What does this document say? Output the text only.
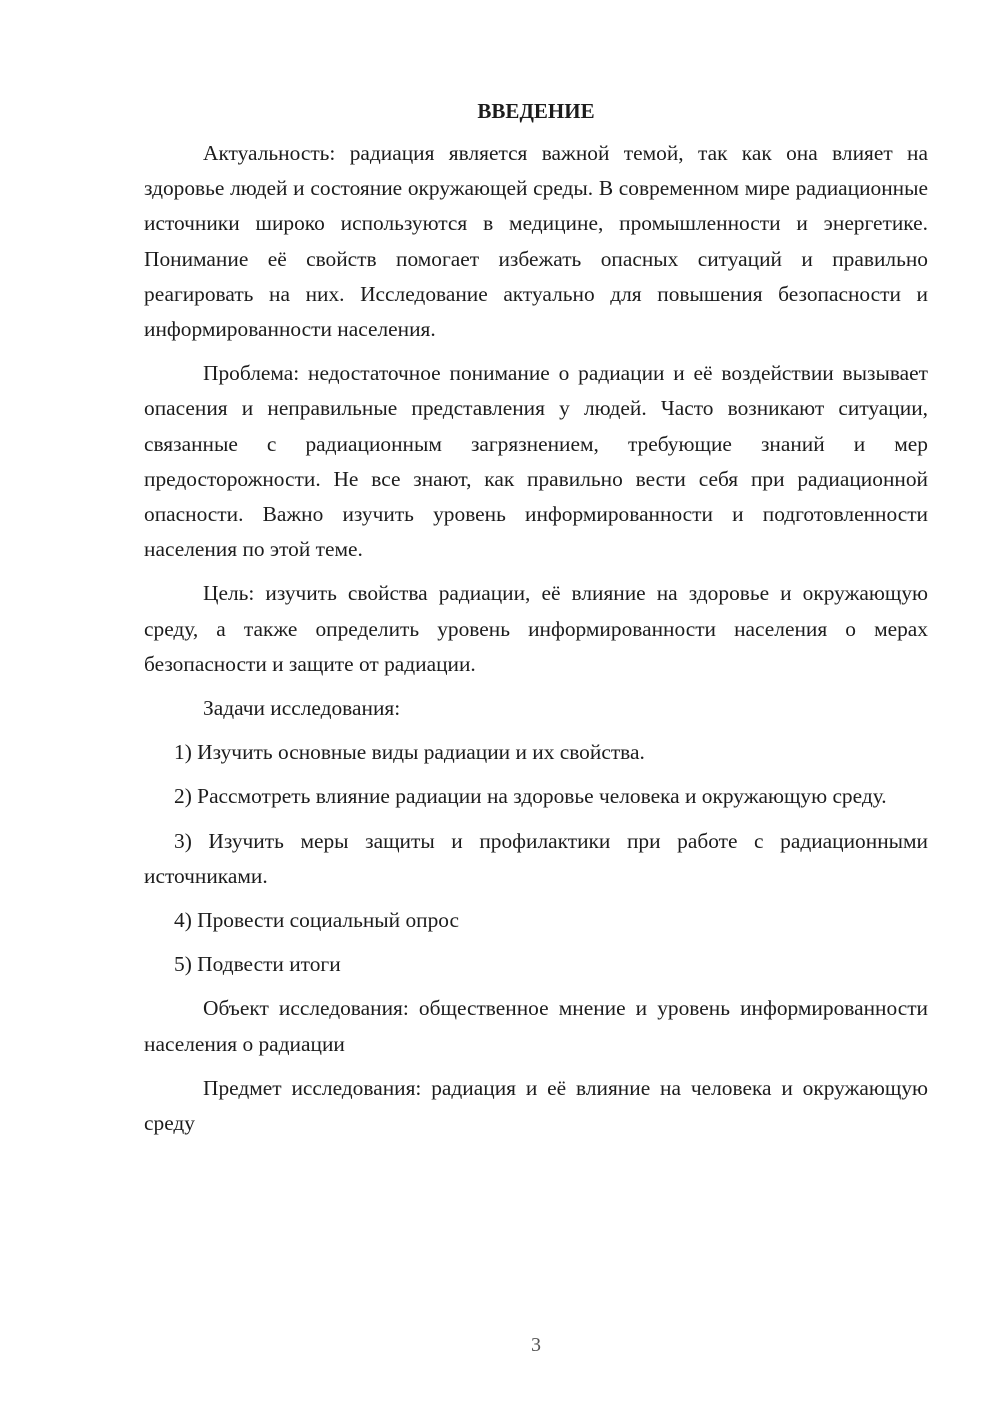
ВВЕДЕНИЕ

Актуальность: радиация является важной темой, так как она влияет на здоровье людей и состояние окружающей среды. В современном мире радиационные источники широко используются в медицине, промышленности и энергетике. Понимание её свойств помогает избежать опасных ситуаций и правильно реагировать на них. Исследование актуально для повышения безопасности и информированности населения.

Проблема: недостаточное понимание о радиации и её воздействии вызывает опасения и неправильные представления у людей. Часто возникают ситуации, связанные с радиационным загрязнением, требующие знаний и мер предосторожности. Не все знают, как правильно вести себя при радиационной опасности. Важно изучить уровень информированности и подготовленности населения по этой теме.

Цель: изучить свойства радиации, её влияние на здоровье и окружающую среду, а также определить уровень информированности населения о мерах безопасности и защите от радиации.

Задачи исследования:

1) Изучить основные виды радиации и их свойства.

2) Рассмотреть влияние радиации на здоровье человека и окружающую среду.

3) Изучить меры защиты и профилактики при работе с радиационными источниками.

4) Провести социальный опрос

5) Подвести итоги

Объект исследования: общественное мнение и уровень информированности населения о радиации

Предмет исследования: радиация и её влияние на человека и окружающую среду

3
